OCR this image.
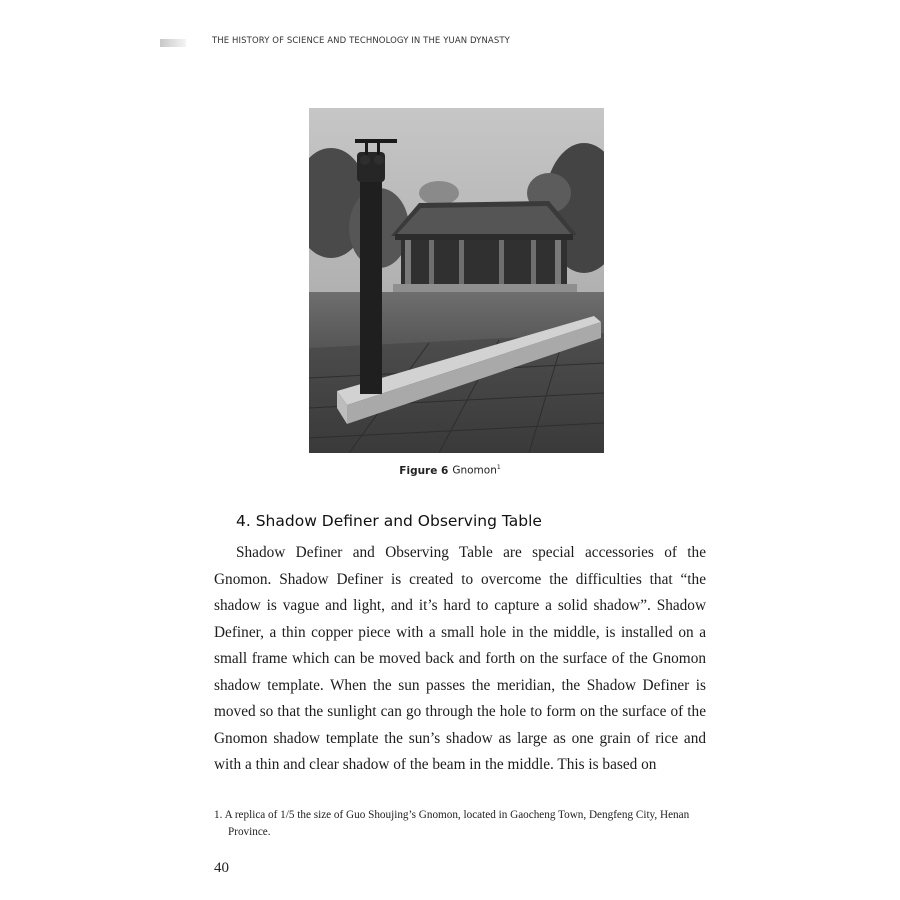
THE HISTORY OF SCIENCE AND TECHNOLOGY IN THE YUAN DYNASTY
Figure 6 Gnomon$^1$
4. Shadow Definer and Observing Table

Shadow Definer and Observing Table are special accessories of the Gnomon. Shadow Definer is created to overcome the difficulties that “the shadow is vague and light, and it’s hard to capture a solid shadow”. Shadow Definer, a thin copper piece with a small hole in the middle, is installed on a small frame which can be moved back and forth on the surface of the Gnomon shadow template. When the sun passes the meridian, the Shadow Definer is moved so that the sunlight can go through the hole to form on the surface of the Gnomon shadow template the sun’s shadow as large as one grain of rice and with a thin and clear shadow of the beam in the middle. This is based on

1. A replica of 1/5 the size of Guo Shoujing’s Gnomon, located in Gaocheng Town, Dengfeng City, Henan Province.
40
